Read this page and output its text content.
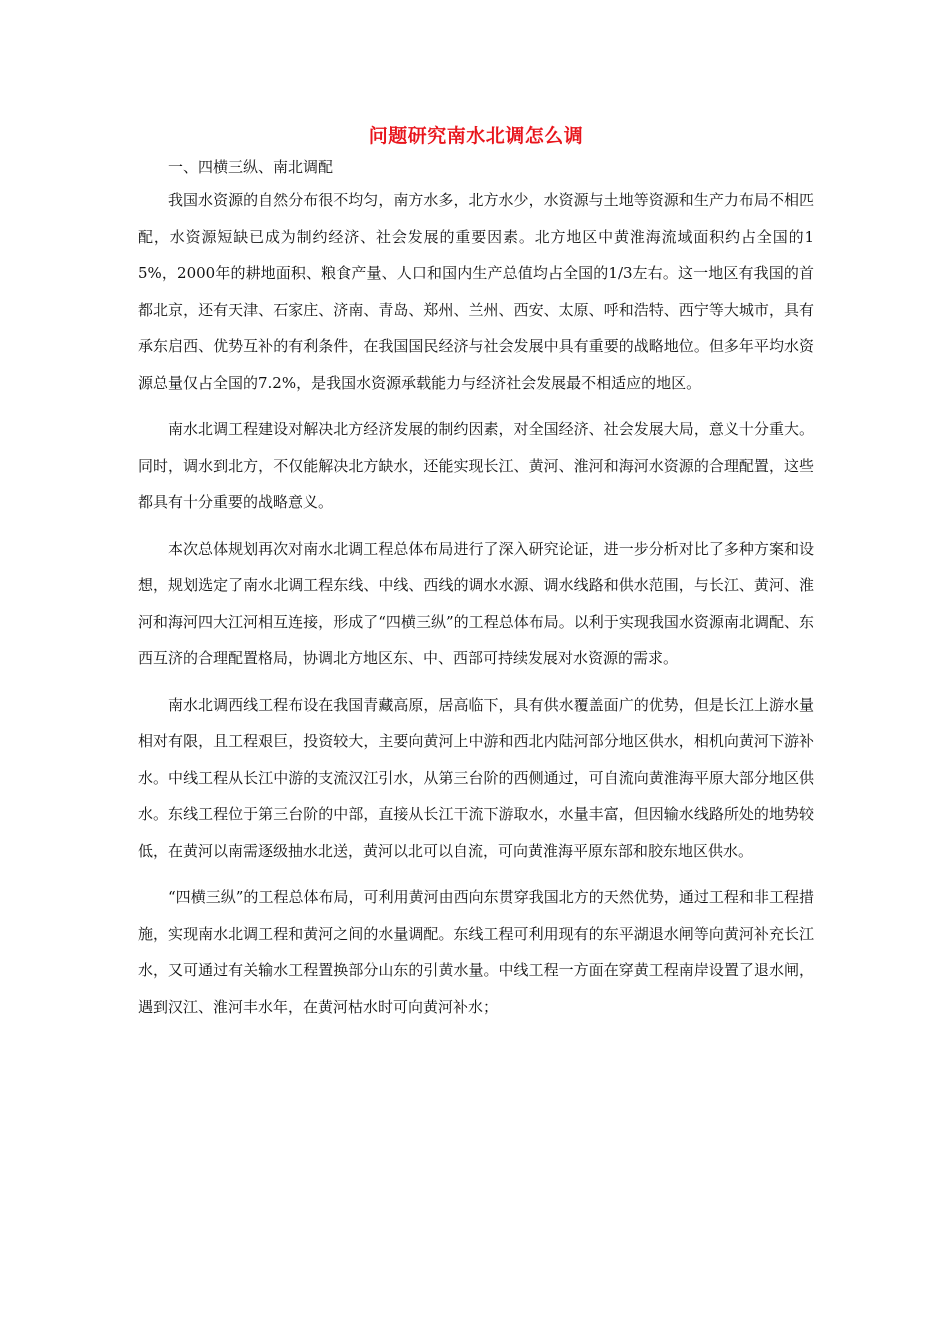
问题研究南水北调怎么调
一、四横三纵、南北调配

我国水资源的自然分布很不均匀，南方水多，北方水少，水资源与土地等资源和生产力布局不相匹配，水资源短缺已成为制约经济、社会发展的重要因素。北方地区中黄淮海流域面积约占全国的15%，2000年的耕地面积、粮食产量、人口和国内生产总值均占全国的1/3左右。这一地区有我国的首都北京，还有天津、石家庄、济南、青岛、郑州、兰州、西安、太原、呼和浩特、西宁等大城市，具有承东启西、优势互补的有利条件，在我国国民经济与社会发展中具有重要的战略地位。但多年平均水资源总量仅占全国的7.2%，是我国水资源承载能力与经济社会发展最不相适应的地区。

南水北调工程建设对解决北方经济发展的制约因素，对全国经济、社会发展大局，意义十分重大。同时，调水到北方，不仅能解决北方缺水，还能实现长江、黄河、淮河和海河水资源的合理配置，这些都具有十分重要的战略意义。

本次总体规划再次对南水北调工程总体布局进行了深入研究论证，进一步分析对比了多种方案和设想，规划选定了南水北调工程东线、中线、西线的调水水源、调水线路和供水范围，与长江、黄河、淮河和海河四大江河相互连接，形成了“四横三纵”的工程总体布局。以利于实现我国水资源南北调配、东西互济的合理配置格局，协调北方地区东、中、西部可持续发展对水资源的需求。

南水北调西线工程布设在我国青藏高原，居高临下，具有供水覆盖面广的优势，但是长江上游水量相对有限，且工程艰巨，投资较大，主要向黄河上中游和西北内陆河部分地区供水，相机向黄河下游补水。中线工程从长江中游的支流汉江引水，从第三台阶的西侧通过，可自流向黄淮海平原大部分地区供水。东线工程位于第三台阶的中部，直接从长江干流下游取水，水量丰富，但因输水线路所处的地势较低，在黄河以南需逐级抽水北送，黄河以北可以自流，可向黄淮海平原东部和胶东地区供水。

“四横三纵”的工程总体布局，可利用黄河由西向东贯穿我国北方的天然优势，通过工程和非工程措施，实现南水北调工程和黄河之间的水量调配。东线工程可利用现有的东平湖退水闸等向黄河补充长江水，又可通过有关输水工程置换部分山东的引黄水量。中线工程一方面在穿黄工程南岸设置了退水闸，遇到汉江、淮河丰水年，在黄河枯水时可向黄河补水；
